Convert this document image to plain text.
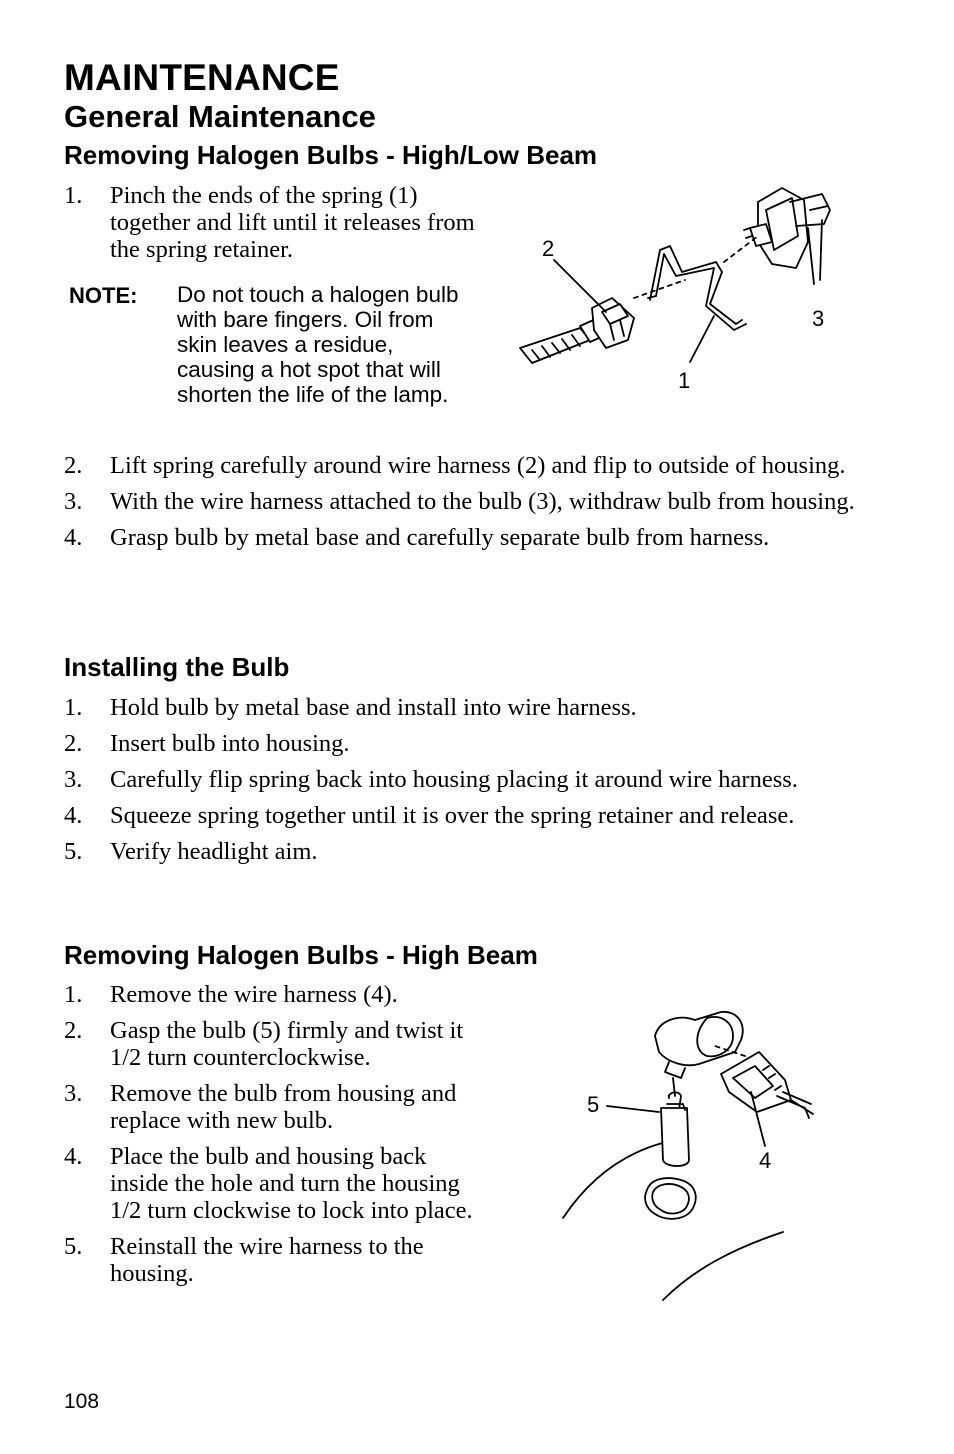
MAINTENANCE
General Maintenance
Removing Halogen Bulbs - High/Low Beam
1. Pinch the ends of the spring (1) together and lift until it releases from the spring retainer.
NOTE: Do not touch a halogen bulb with bare fingers. Oil from skin leaves a residue, causing a hot spot that will shorten the life of the lamp.
2
3
1
2. Lift spring carefully around wire harness (2) and flip to outside of housing.
3. With the wire harness attached to the bulb (3), withdraw bulb from housing.
4. Grasp bulb by metal base and carefully separate bulb from harness.
Installing the Bulb
1. Hold bulb by metal base and install into wire harness.
2. Insert bulb into housing.
3. Carefully flip spring back into housing placing it around wire harness.
4. Squeeze spring together until it is over the spring retainer and release.
5. Verify headlight aim.
Removing Halogen Bulbs - High Beam
1. Remove the wire harness (4).
2. Gasp the bulb (5) firmly and twist it 1/2 turn counterclockwise.
3. Remove the bulb from housing and replace with new bulb.
4. Place the bulb and housing back inside the hole and turn the housing 1/2 turn clockwise to lock into place.
5. Reinstall the wire harness to the housing.
5
4
108
